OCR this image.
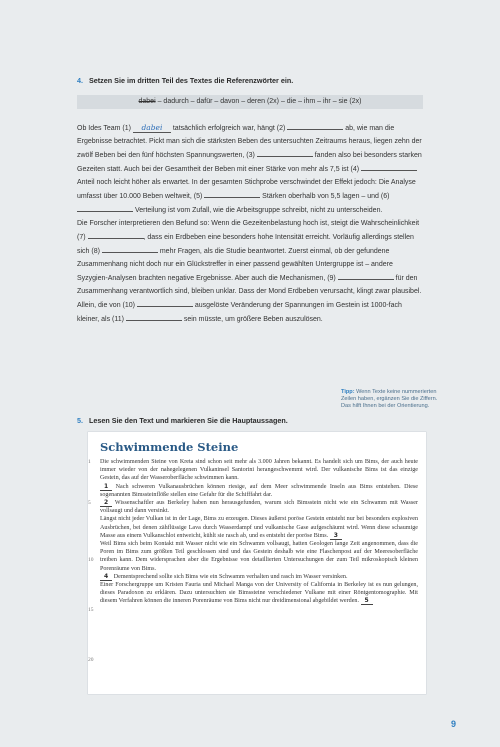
4. Setzen Sie im dritten Teil des Textes die Referenzwörter ein.
dabei – dadurch – dafür – davon – deren (2x) – die – ihm – ihr – sie (2x)

Ob Ides Team (1) dabei tatsächlich erfolgreich war, hängt (2)	ab, wie man die Ergebnisse betrachtet. Pickt man sich die stärksten Beben des untersuchten Zeitraums heraus, liegen zehn der zwölf Beben bei den fünf höchsten Spannungswerten, (3)	fanden also bei besonders starken Gezeiten statt. Auch bei der Gesamtheit der Beben mit einer Stärke von mehr als 7,5 ist (4)  Anteil noch leicht höher als erwartet. In der gesamten Stichprobe verschwindet der Effekt jedoch: Die Analyse umfasst über 10.000 Beben weltweit, (5)	Stärken oberhalb von 5,5 lagen – und (6)  Verteilung ist vom Zufall, wie die Arbeitsgruppe schreibt, nicht zu unterscheiden.

Die Forscher interpretieren den Befund so: Wenn die Gezeitenbelastung hoch ist, steigt die Wahrscheinlichkeit (7)	, dass ein Erdbeben eine besonders hohe Intensität erreicht. Vorläufig allerdings stellen sich (8)	mehr Fragen, als die Studie beantwortet. Zuerst einmal, ob der gefundene Zusammenhang nicht doch nur ein Glückstreffer in einer passend gewählten Untergruppe ist – andere Syzygien-Analysen brachten negative Ergebnisse. Aber auch die Mechanismen, (9)	für den Zusammenhang verantwortlich sind, bleiben unklar. Dass der Mond Erdbeben verursacht, klingt zwar plausibel. Allein, die von (10)	ausgelöste Veränderung der Spannungen im Gestein ist 1000-fach kleiner, als (11)	sein müsste, um größere Beben auszulösen.

Tipp: Wenn Texte keine nummerierten Zeilen haben, ergänzen Sie die Ziffern. Das hilft Ihnen bei der Orientierung.
5. Lesen Sie den Text und markieren Sie die Hauptaussagen.
Schwimmende Steine
1
5
10
15
20

Die schwimmenden Steine von Kreta sind schon seit mehr als 3.000 Jahren bekannt. Es handelt sich um Bims, der auch heute immer wieder von der nahegelegenen Vulkaninsel Santorini herangeschwemmt wird. Der vulkanische Bims ist das einzige Gestein, das auf der Wasseroberfläche schwimmen kann.
1 Nach schweren Vulkanausbrüchen können riesige, auf dem Meer schwimmende Inseln aus Bims entstehen. Diese sogenannten Bimssteinflöße stellen eine Gefahr für die Schifffahrt dar.
2 Wissenschaftler aus Berkeley haben nun herausgefunden, warum sich Bimsstein nicht wie ein Schwamm mit Wasser vollsaugt und dann versinkt.

Längst nicht jeder Vulkan ist in der Lage, Bims zu erzeugen. Dieses äußerst poröse Gestein entsteht nur bei besonders explosiven Ausbrüchen, bei denen zähflüssige Lava durch Wasserdampf und vulkanische Gase aufgeschäumt wird. Wenn diese schaumige Masse aus einem Vulkanschlot entweicht, kühlt sie rasch ab, und es entsteht der poröse Bims. 3

Weil Bims sich beim Kontakt mit Wasser nicht wie ein Schwamm vollsaugt, hatten Geologen lange Zeit angenommen, dass die Poren im Bims zum größten Teil geschlossen sind und das Gestein deshalb wie eine Flaschenpost auf der Meeresoberfläche treiben kann. Dem widersprachen aber die Ergebnisse von detaillierten Untersuchungen der zum Teil mikroskopisch kleinen Porenräume von Bims.
4 Dementsprechend sollte sich Bims wie ein Schwamm verhalten und rasch im Wasser versinken.

Einer Forschergruppe um Kristen Fauria und Michael Manga von der University of California in Berkeley ist es nun gelungen, dieses Paradoxon zu erklären. Dazu untersuchten sie Bimssteine verschiedener Vulkane mit einer Röntgentomographie. Mit diesem Verfahren können die inneren Porenräume von Bims nicht nur dreidimensional abgebildet werden. 5

9
